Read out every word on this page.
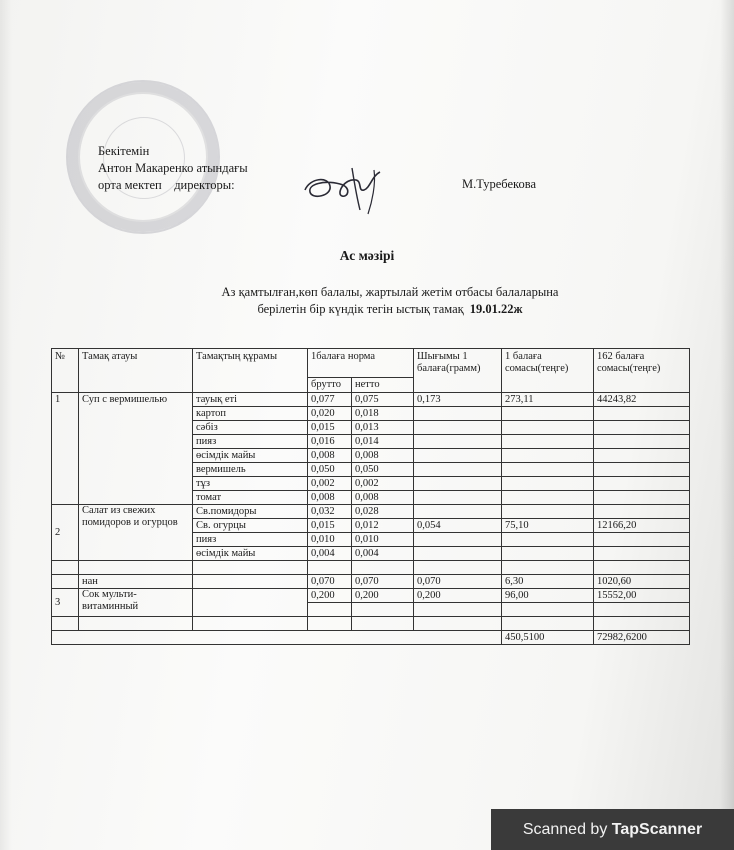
Бекітемін
Антон Макаренко атындағы
орта мектеп    директоры:	М.Туребекова
Ас мәзірі
Аз қамтылған,көп балалы, жартылай жетім отбасы балаларына
берілетін бір күндік тегін ыстық тамақ 19.01.22ж
№	Тамақ атауы	Тамақтың құрамы	1балаға норма		Шығымы 1 балаға(грамм)	1 балаға сомасы(теңге)	162 балаға сомасы(теңге)
			брутто	нетто			
1	Суп с вермишелью	тауық еті	0,077	0,075	0,173	273,11	44243,82
		картоп	0,020	0,018			
		сәбіз	0,015	0,013			
		пияз	0,016	0,014			
		өсімдік майы	0,008	0,008			
		вермишель	0,050	0,050			
		тұз	0,002	0,002			
		томат	0,008	0,008			
2	Салат из свежих помидоров и огурцов	Св.помидоры	0,032	0,028			
		Св. огурцы	0,015	0,012	0,054	75,10	12166,20
		пияз	0,010	0,010			
		өсімдік майы	0,004	0,004			

	нан		0,070	0,070	0,070	6,30	1020,60
3	Сок мульти-витаминный		0,200	0,200	0,200	96,00	15552,00

						450,5100	72982,6200
Scanned by TapScanner
